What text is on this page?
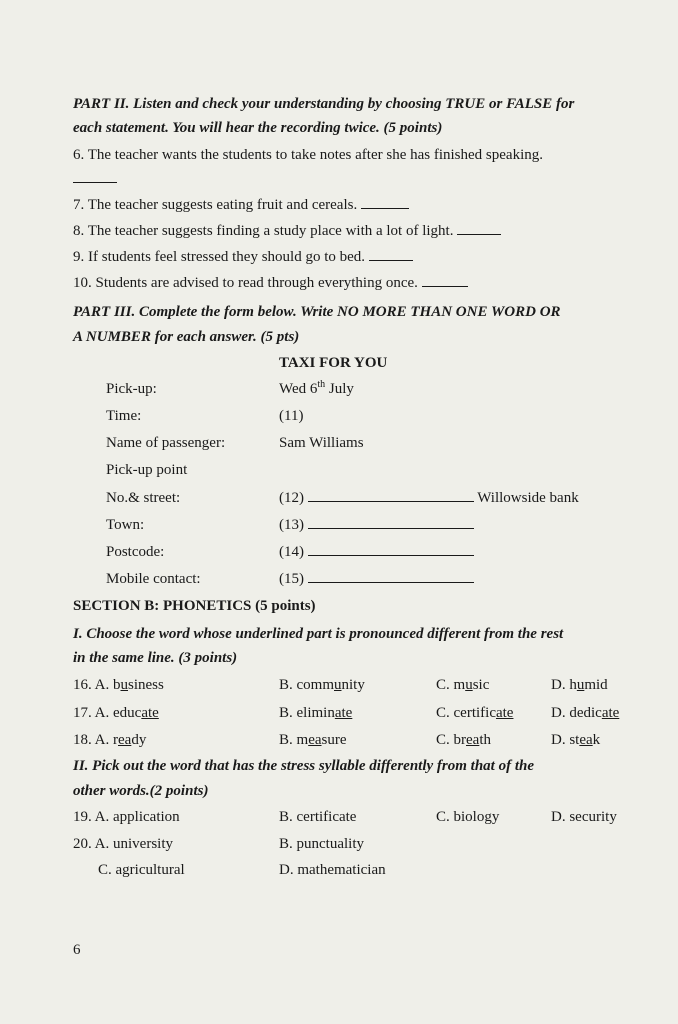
PART II. Listen and check your understanding by choosing TRUE or FALSE for
each statement. You will hear the recording twice. (5 points)
6. The teacher wants the students to take notes after she has finished speaking.
7. The teacher suggests eating fruit and cereals.
8. The teacher suggests finding a study place with a lot of light.
9. If students feel stressed they should go to bed.
10. Students are advised to read through everything once.
PART III. Complete the form below. Write NO MORE THAN ONE WORD OR
A NUMBER for each answer. (5 pts)
TAXI FOR YOU
Pick-up:	Wed 6th July
Time:	(11)
Name of passenger:	Sam Williams
Pick-up point
No.& street:	(12)	Willowside bank
Town:	(13)
Postcode:	(14)
Mobile contact:	(15)
SECTION B: PHONETICS (5 points)
I. Choose the word whose underlined part is pronounced different from the rest
in the same line. (3 points)
16. A. business	B. community	C. music	D. humid
17. A. educate	B. eliminate	C. certificate	D. dedicate
18. A. ready	B. measure	C. breath	D. steak
II. Pick out the word that has the stress syllable differently from that of the
other words.(2 points)
19. A. application	B. certificate	C. biology	D. security
20. A. university	B. punctuality
C. agricultural	D. mathematician
6
